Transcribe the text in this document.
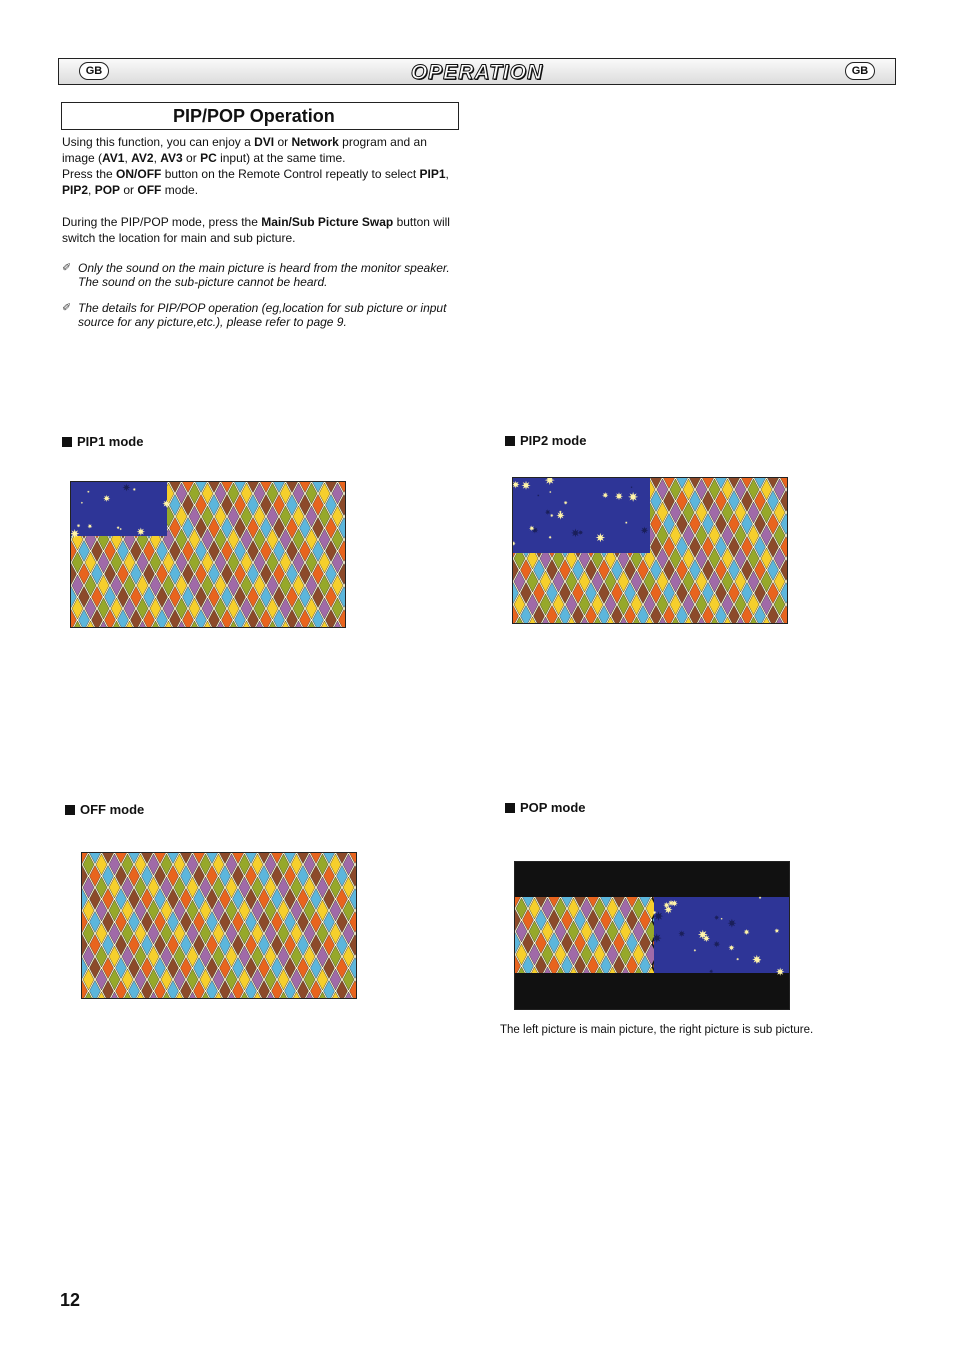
GB	OPERATION	GB
PIP/POP Operation
Using this function, you can enjoy a DVI or Network program and an image (AV1, AV2, AV3 or PC input) at the same time.
Press the ON/OFF button on the Remote Control repeatly to select PIP1, PIP2, POP or OFF mode.
During the PIP/POP mode, press the Main/Sub Picture Swap button will switch the location for main and sub picture.
✐ Only the sound on the main picture is heard from the monitor speaker. The sound on the sub-picture cannot be heard.
✐ The details for PIP/POP operation (eg,location for sub picture or input source for any picture,etc.), please refer to page 9.
PIP1 mode	PIP2 mode
OFF mode	POP mode
The left picture is main picture, the right picture is sub picture.
12
